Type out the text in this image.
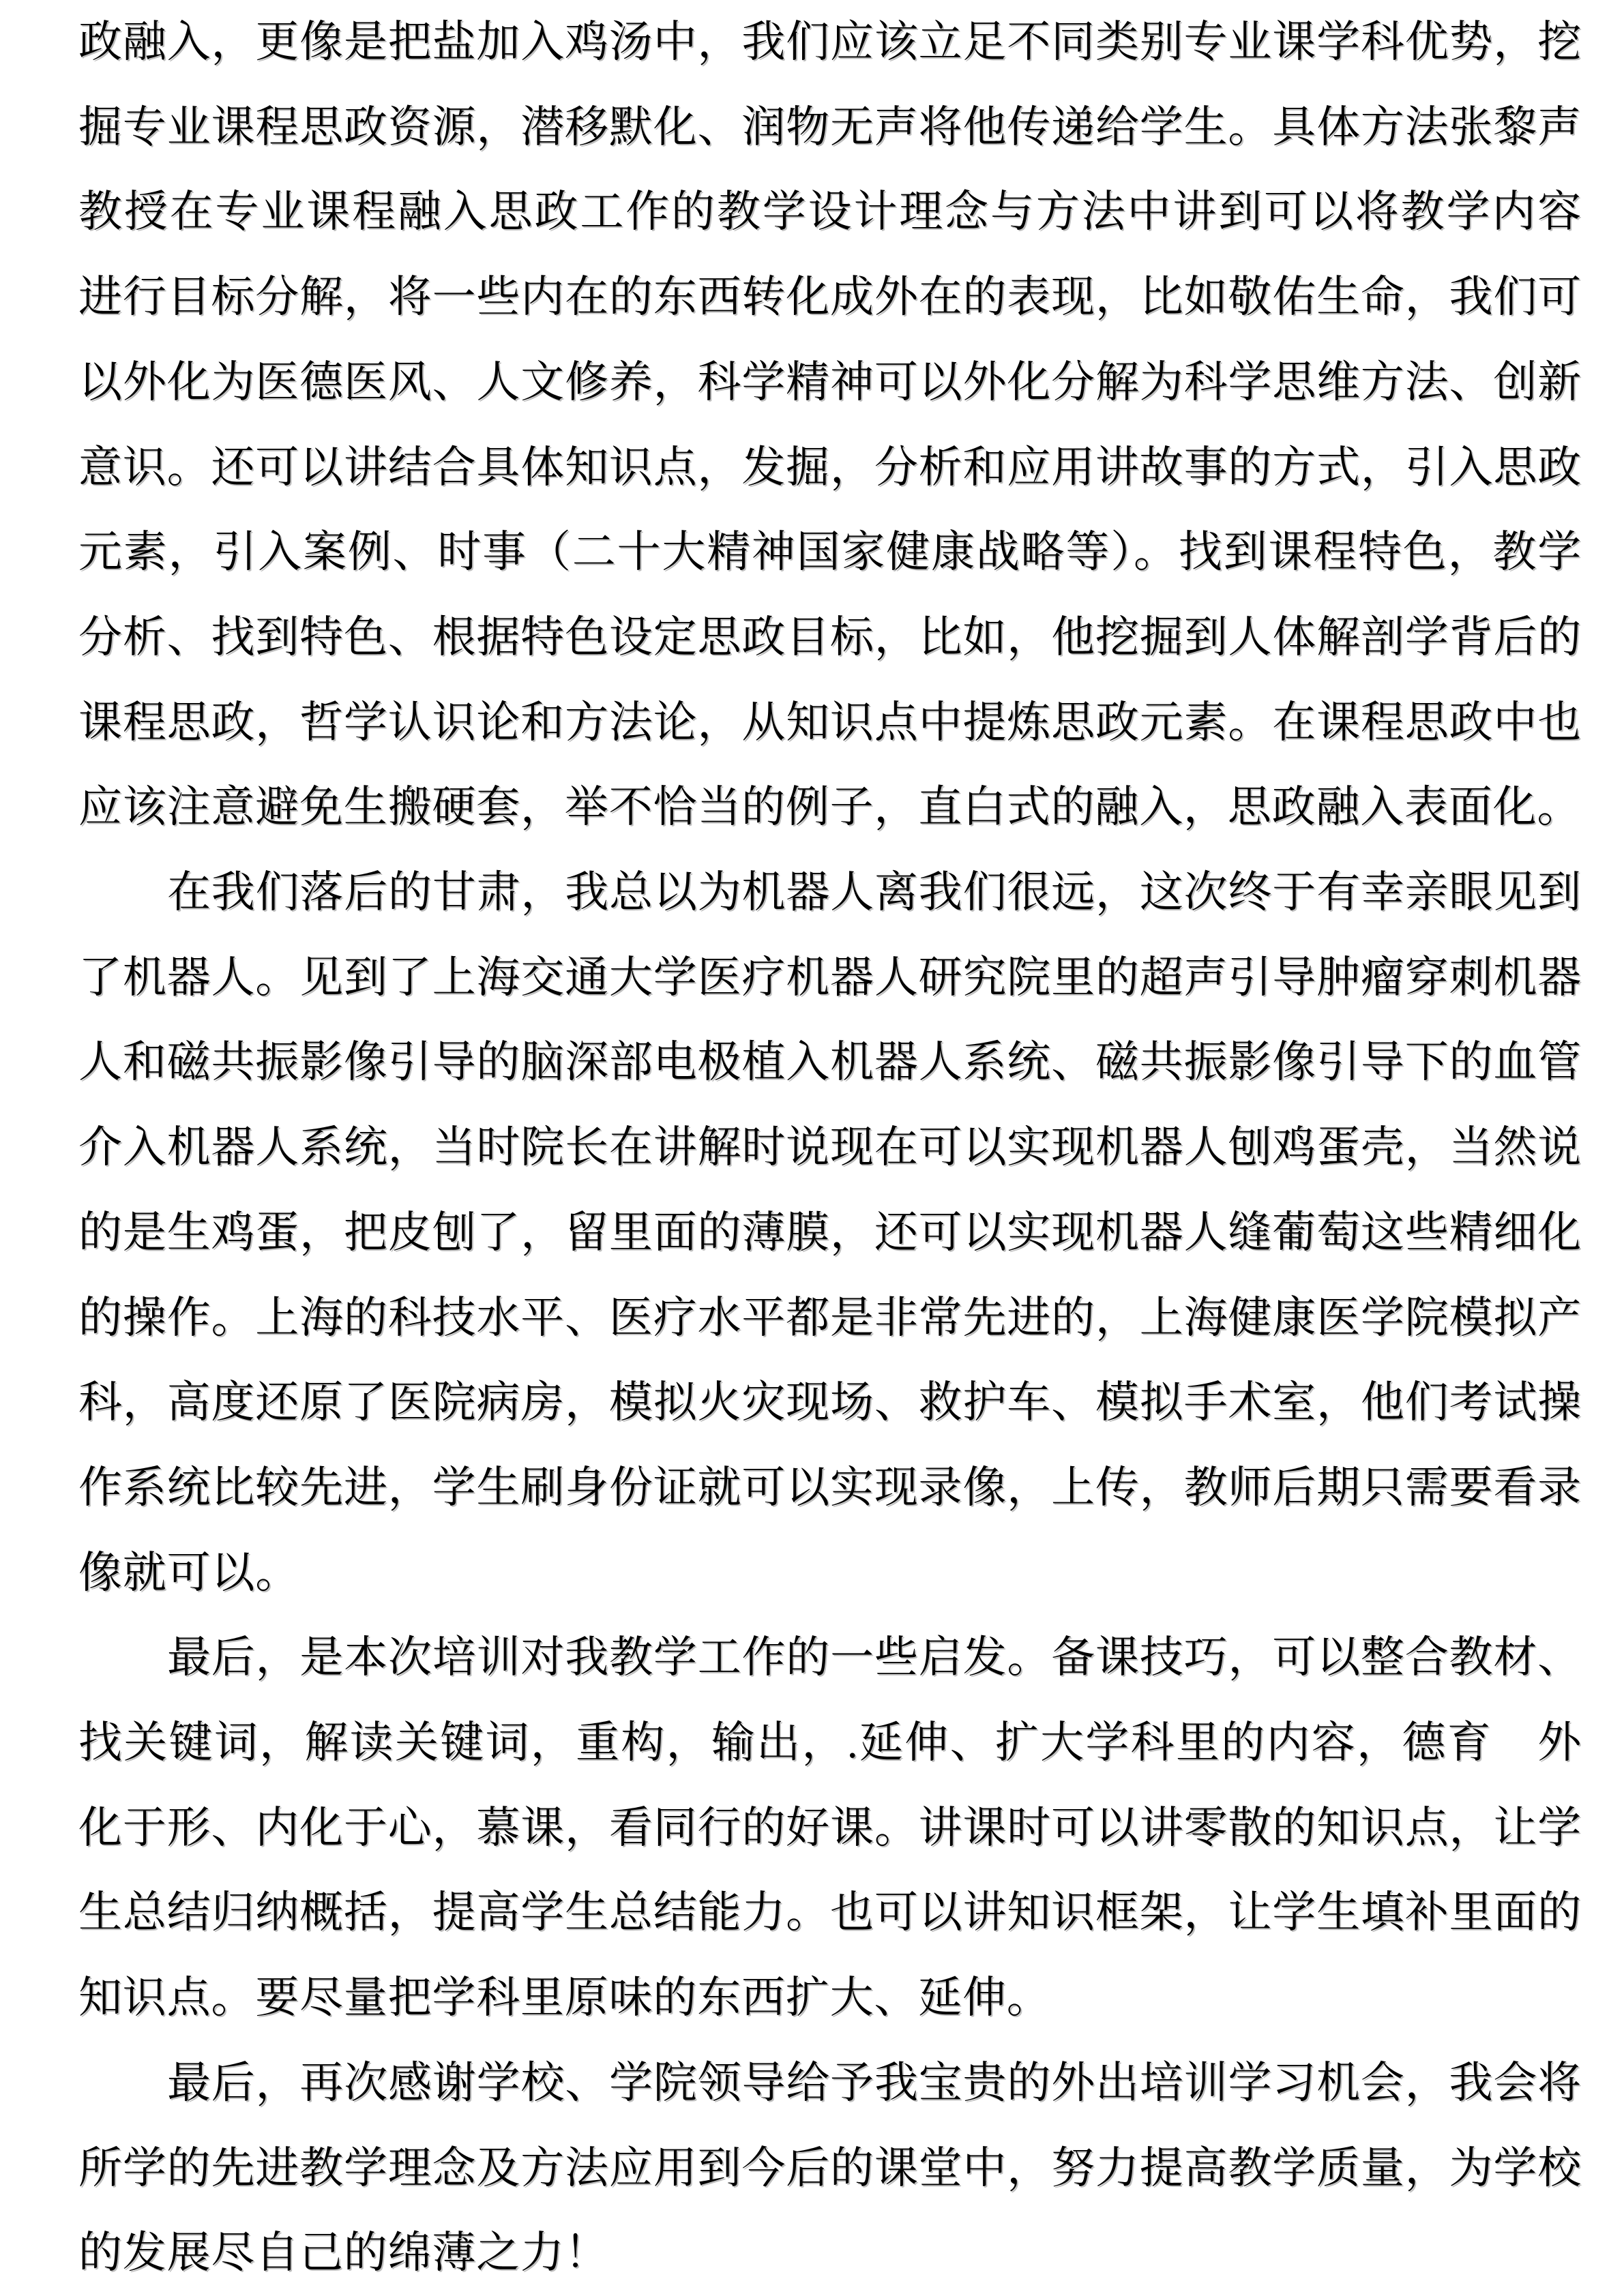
政融入，更像是把盐加入鸡汤中，我们应该立足不同类别专业课学科优势，挖
掘专业课程思政资源，潜移默化、润物无声将他传递给学生。具体方法张黎声
教授在专业课程融入思政工作的教学设计理念与方法中讲到可以将教学内容
进行目标分解，将一些内在的东西转化成外在的表现，比如敬佑生命，我们可
以外化为医德医风、人文修养，科学精神可以外化分解为科学思维方法、创新
意识。还可以讲结合具体知识点，发掘，分析和应用讲故事的方式，引入思政
元素，引入案例、时事（二十大精神国家健康战略等）。找到课程特色，教学
分析、找到特色、根据特色设定思政目标，比如，他挖掘到人体解剖学背后的
课程思政，哲学认识论和方法论，从知识点中提炼思政元素。在课程思政中也
应该注意避免生搬硬套，举不恰当的例子，直白式的融入，思政融入表面化。
在我们落后的甘肃，我总以为机器人离我们很远，这次终于有幸亲眼见到
了机器人。见到了上海交通大学医疗机器人研究院里的超声引导肿瘤穿刺机器
人和磁共振影像引导的脑深部电极植入机器人系统、磁共振影像引导下的血管
介入机器人系统，当时院长在讲解时说现在可以实现机器人刨鸡蛋壳，当然说
的是生鸡蛋，把皮刨了，留里面的薄膜，还可以实现机器人缝葡萄这些精细化
的操作。上海的科技水平、医疗水平都是非常先进的，上海健康医学院模拟产
科，高度还原了医院病房，模拟火灾现场、救护车、模拟手术室，他们考试操
作系统比较先进，学生刷身份证就可以实现录像，上传，教师后期只需要看录
像就可以。
最后，是本次培训对我教学工作的一些启发。备课技巧，可以整合教材、
找关键词，解读关键词，重构，输出，.延伸、扩大学科里的内容，德育　外
化于形、内化于心，慕课，看同行的好课。讲课时可以讲零散的知识点，让学
生总结归纳概括，提高学生总结能力。也可以讲知识框架，让学生填补里面的
知识点。要尽量把学科里原味的东西扩大、延伸。
最后，再次感谢学校、学院领导给予我宝贵的外出培训学习机会，我会将
所学的先进教学理念及方法应用到今后的课堂中，努力提高教学质量，为学校
的发展尽自己的绵薄之力！
